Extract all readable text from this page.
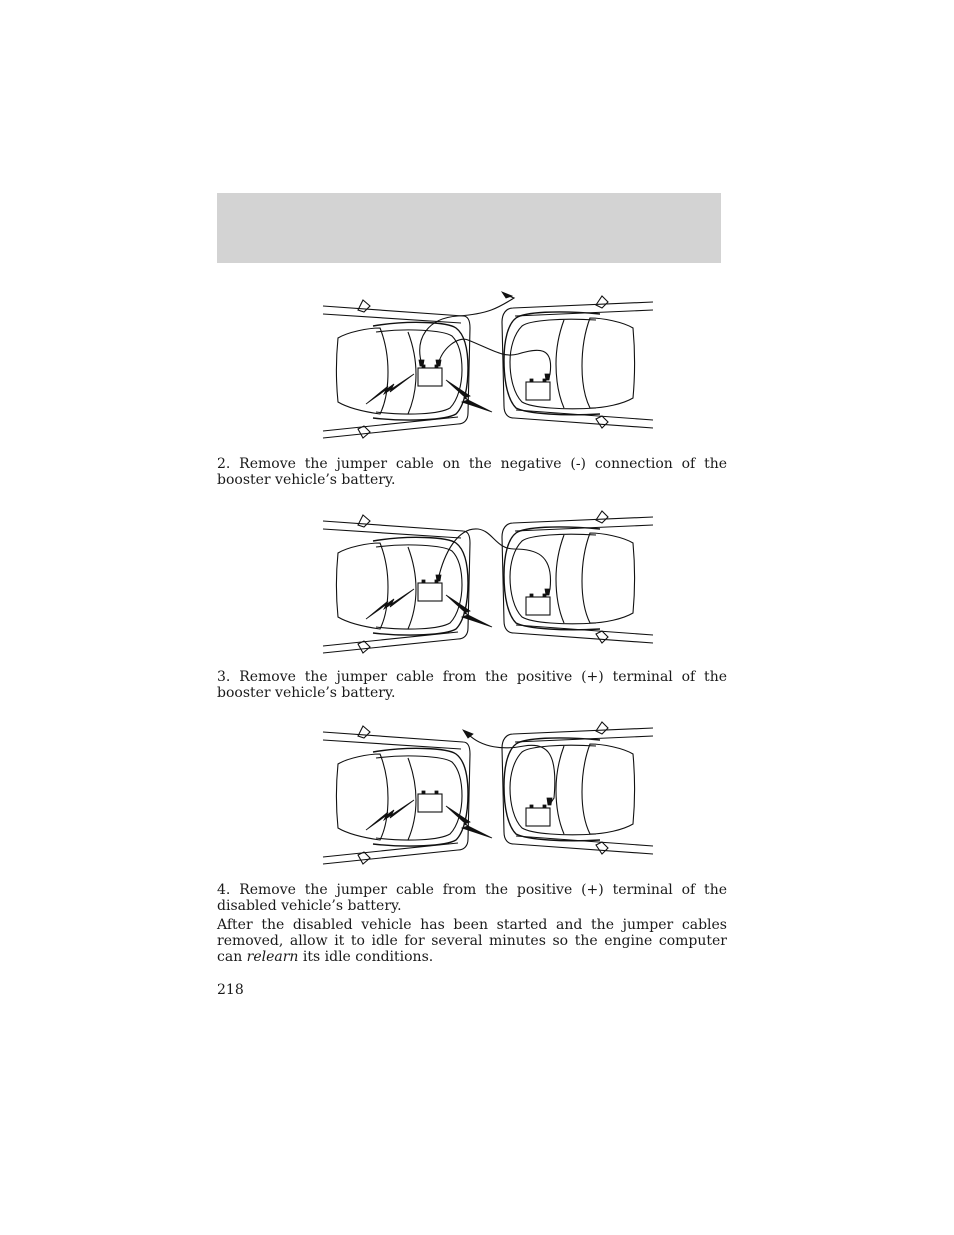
2. Remove the jumper cable on the negative (-) connection of the booster vehicle’s battery.

3. Remove the jumper cable from the positive (+) terminal of the booster vehicle’s battery.

4. Remove the jumper cable from the positive (+) terminal of the disabled vehicle’s battery.

After the disabled vehicle has been started and the jumper cables removed, allow it to idle for several minutes so the engine computer can relearn its idle conditions.

218
